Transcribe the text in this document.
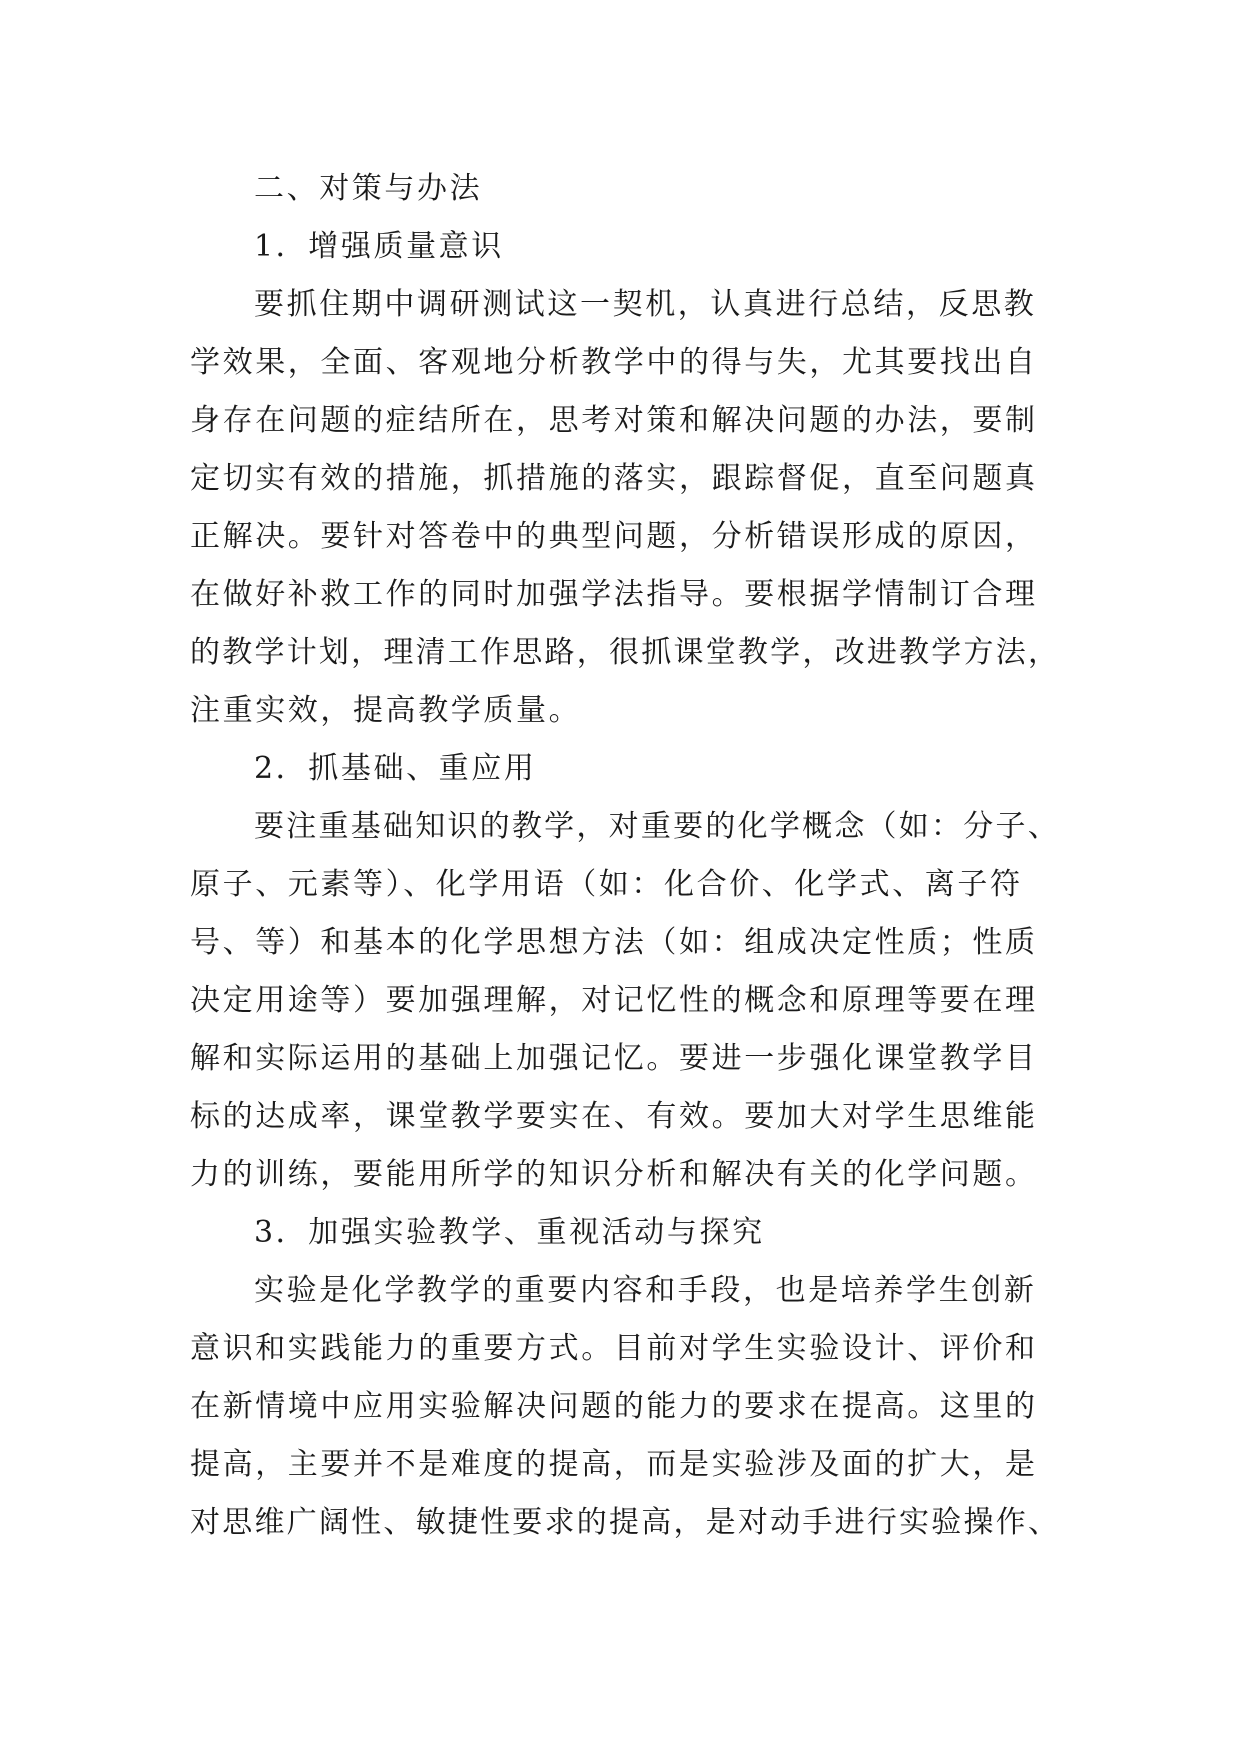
二、对策与办法
1．增强质量意识
要抓住期中调研测试这一契机，认真进行总结，反思教
学效果，全面、客观地分析教学中的得与失，尤其要找出自
身存在问题的症结所在，思考对策和解决问题的办法，要制
定切实有效的措施，抓措施的落实，跟踪督促，直至问题真
正解决。要针对答卷中的典型问题，分析错误形成的原因，
在做好补救工作的同时加强学法指导。要根据学情制订合理
的教学计划，理清工作思路，很抓课堂教学，改进教学方法，
注重实效，提高教学质量。
2．抓基础、重应用
要注重基础知识的教学，对重要的化学概念（如：分子、
原子、元素等）、化学用语（如：化合价、化学式、离子符
号、等）和基本的化学思想方法（如：组成决定性质；性质
决定用途等）要加强理解，对记忆性的概念和原理等要在理
解和实际运用的基础上加强记忆。要进一步强化课堂教学目
标的达成率，课堂教学要实在、有效。要加大对学生思维能
力的训练，要能用所学的知识分析和解决有关的化学问题。
3．加强实验教学、重视活动与探究
实验是化学教学的重要内容和手段，也是培养学生创新
意识和实践能力的重要方式。目前对学生实验设计、评价和
在新情境中应用实验解决问题的能力的要求在提高。这里的
提高，主要并不是难度的提高，而是实验涉及面的扩大，是
对思维广阔性、敏捷性要求的提高，是对动手进行实验操作、
